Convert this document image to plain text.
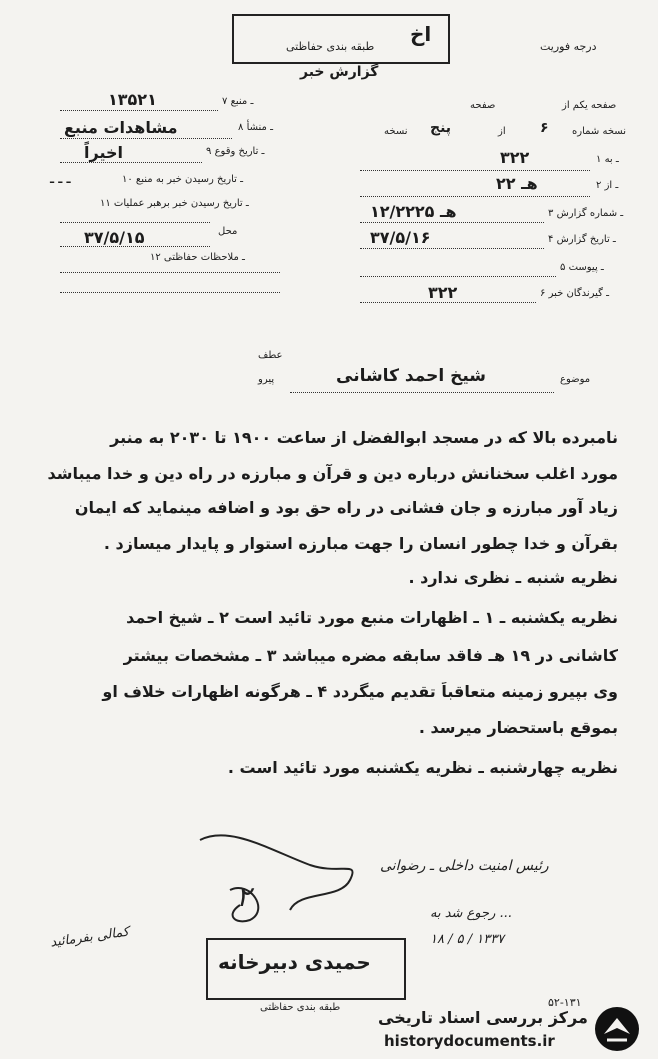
اخ
طبقه بندی حفاظتی
گزارش خبر
درجه فوریت
۷ ـ منبع
۱۳۵۲۱
۸ ـ منشأ
مشاهدات منبع
۹ ـ تاریخ وقوع
اخیراً
۱۰ ـ تاریخ رسیدن خبر به منبع
ـ ـ ـ
۱۱ ـ تاریخ رسیدن خبر برهبر عملیات
محل
۳۷/۵/۱۵
۱۲ ـ ملاحظات حفاظتی
صفحه یکم از
صفحه
نسخه شماره
۶
از
پنج
نسخه
۱ ـ به
۳۲۲
۲ ـ از
۲۲ هـ
۳ ـ شماره گزارش
۱۲/۲۲۲۵ هـ
۴ ـ تاریخ گزارش
۳۷/۵/۱۶
۵ ـ پیوست
۶ ـ گیرندگان خبر
۳۲۲
موضوع
شیخ احمد کاشانی
عطف
پیرو
نامبرده بالا که در مسجد ابوالفضل از ساعت ۱۹۰۰ تا ۲۰۳۰ به منبر
مورد اغلب سخنانش درباره دین و قرآن و مبارزه در راه دین و خدا میباشد
زیاد آور مبارزه و جان فشانی در راه حق بود و اضافه مینماید که ایمان
بقرآن و خدا چطور انسان را جهت مبارزه استوار و پایدار میسازد .
نظریه شنبه ـ نظری ندارد .
نظریه یکشنبه ـ ۱ ـ اظهارات منبع مورد تائید است ۲ ـ شیخ احمد
کاشانی در ۱۹ هـ فاقد سابقه مضره میباشد ۳ ـ مشخصات بیشتر
وی بپیرو زمینه متعاقباً تقدیم میگردد ۴ ـ هرگونه اظهارات خلاف او
بموقع باستحضار میرسد .
نظریه چهارشنبه ـ نظریه یکشنبه مورد تائید است .
رئیس امنیت داخلی ـ رضوانی
رجوع شد به ...
۱۸ / ۵ / ۱۳۳۷
کمالی بفرمائید
۲
حمیدی دبیرخانه
طبقه بندی حفاظتی	۵۲-۱۳۱
مرکز بررسی اسناد تاریخی
historydocuments.ir
